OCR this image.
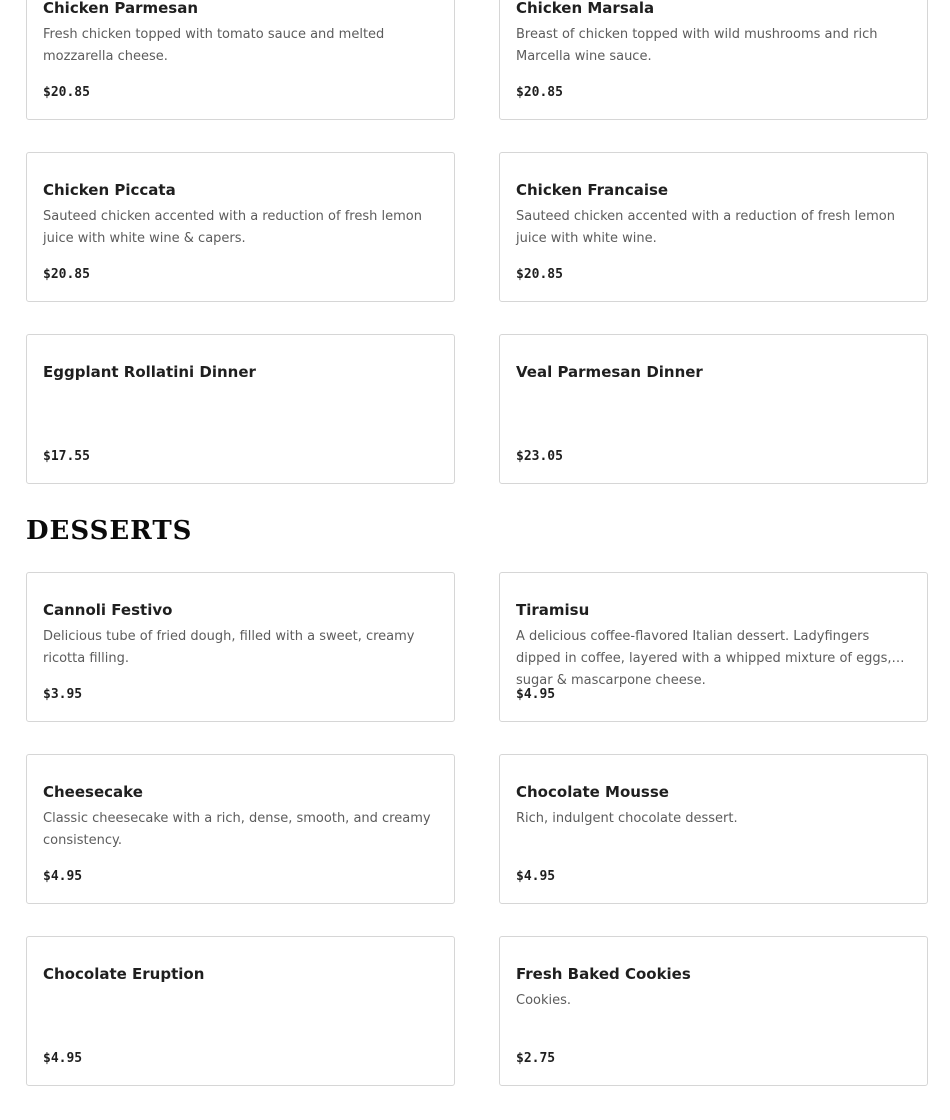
Chicken Parmesan
Fresh chicken topped with tomato sauce and melted mozzarella cheese.
$20.85
Chicken Marsala
Breast of chicken topped with wild mushrooms and rich Marcella wine sauce.
$20.85
Chicken Piccata
Sauteed chicken accented with a reduction of fresh lemon juice with white wine & capers.
$20.85
Chicken Francaise
Sauteed chicken accented with a reduction of fresh lemon juice with white wine.
$20.85
Eggplant Rollatini Dinner
$17.55
Veal Parmesan Dinner
$23.05
DESSERTS
Cannoli Festivo
Delicious tube of fried dough, filled with a sweet, creamy ricotta filling.
$3.95
Tiramisu
A delicious coffee-flavored Italian dessert. Ladyfingers dipped in coffee, layered with a whipped mixture of eggs, sugar & mascarpone cheese.
$4.95
Cheesecake
Classic cheesecake with a rich, dense, smooth, and creamy consistency.
$4.95
Chocolate Mousse
Rich, indulgent chocolate dessert.
$4.95
Chocolate Eruption
$4.95
Fresh Baked Cookies
Cookies.
$2.75
